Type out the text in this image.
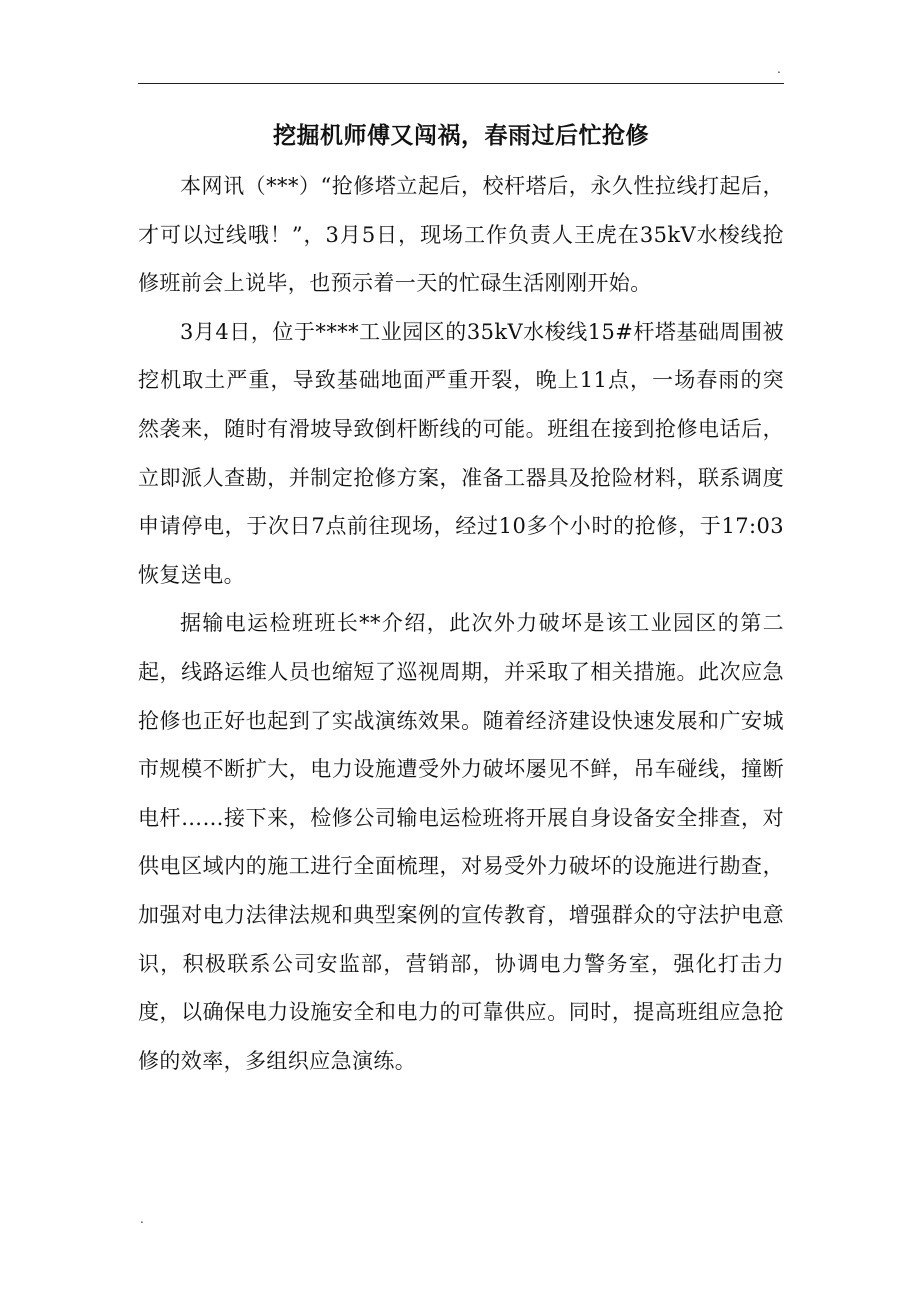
.
挖掘机师傅又闯祸，春雨过后忙抢修

本网讯（***）“抢修塔立起后，校杆塔后，永久性拉线打起后，才可以过线哦！”，3月5日，现场工作负责人王虎在35kV水梭线抢修班前会上说毕，也预示着一天的忙碌生活刚刚开始。

3月4日，位于****工业园区的35kV水梭线15#杆塔基础周围被挖机取土严重，导致基础地面严重开裂，晚上11点，一场春雨的突然袭来，随时有滑坡导致倒杆断线的可能。班组在接到抢修电话后，立即派人查勘，并制定抢修方案，准备工器具及抢险材料，联系调度申请停电，于次日7点前往现场，经过10多个小时的抢修，于17:03恢复送电。

据输电运检班班长**介绍，此次外力破坏是该工业园区的第二起，线路运维人员也缩短了巡视周期，并采取了相关措施。此次应急抢修也正好也起到了实战演练效果。随着经济建设快速发展和广安城市规模不断扩大，电力设施遭受外力破坏屡见不鲜，吊车碰线，撞断电杆……接下来，检修公司输电运检班将开展自身设备安全排查，对供电区域内的施工进行全面梳理，对易受外力破坏的设施进行勘查，加强对电力法律法规和典型案例的宣传教育，增强群众的守法护电意识，积极联系公司安监部，营销部，协调电力警务室，强化打击力度，以确保电力设施安全和电力的可靠供应。同时，提高班组应急抢修的效率，多组织应急演练。

.
